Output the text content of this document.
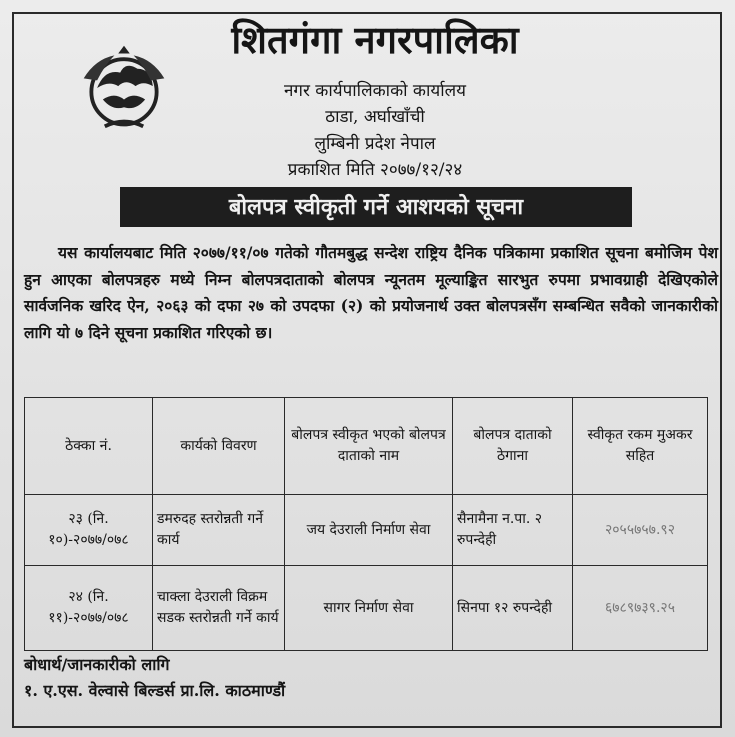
शितगंगा नगरपालिका
नगर कार्यपालिकाको कार्यालय
ठाडा, अर्घाखाँची
लुम्बिनी प्रदेश नेपाल
प्रकाशित मिति २०७७/१२/२४
बोलपत्र स्वीकृती गर्ने आशयको सूचना
यस कार्यालयबाट मिति २०७७/११/०७ गतेको गौतमबुद्ध सन्देश राष्ट्रिय दैनिक पत्रिकामा प्रकाशित सूचना बमोजिम पेश हुन आएका बोलपत्रहरु मध्ये निम्न बोलपत्रदाताको बोलपत्र न्यूनतम मूल्याङ्कित सारभुत रुपमा प्रभावग्राही देखिएकोले सार्वजनिक खरिद ऐन, २०६३ को दफा २७ को उपदफा (२) को प्रयोजनार्थ उक्त बोलपत्रसँग सम्बन्धित सवैको जानकारीको लागि यो ७ दिने सूचना प्रकाशित गरिएको छ।
ठेक्का नं.	कार्यको विवरण	बोलपत्र स्वीकृत भएको बोलपत्र दाताको नाम	बोलपत्र दाताको ठेगाना	स्वीकृत रकम मुअकर सहित
२३ (नि. १०)-२०७७/०७८	डमरुदह स्तरोन्नती गर्ने कार्य	जय देउराली निर्माण सेवा	सैनामैना न.पा. २ रुपन्देही	२०५५७५७.९२
२४ (नि. ११)-२०७७/०७८	चाक्ला देउराली विक्रम सडक स्तरोन्नती गर्ने कार्य	सागर निर्माण सेवा	सिनपा १२ रुपन्देही	६७८९७३९.२५
बोधार्थ/जानकारीको लागि
१. ए.एस. वेल्वासे बिल्डर्स प्रा.लि. काठमाण्डौं
